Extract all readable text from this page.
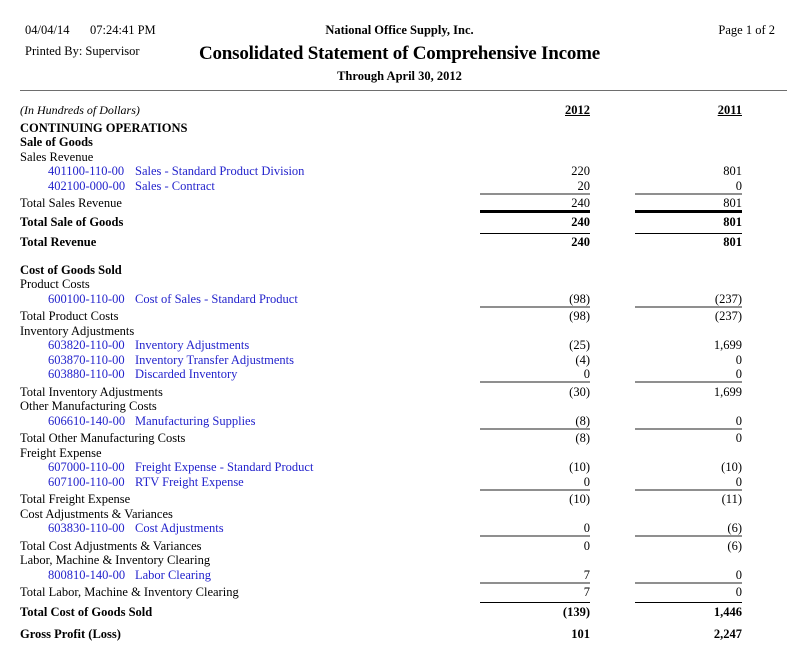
04/04/14 07:24:41 PM	National Office Supply, Inc.	Page 1 of 2
Printed By: Supervisor	Consolidated Statement of Comprehensive Income
Through April 30, 2012
(In Hundreds of Dollars)	2012	2011
CONTINUING OPERATIONS
Sale of Goods
Sales Revenue
401100-110-00 Sales - Standard Product Division	220	801
402100-000-00 Sales - Contract	20	0
Total Sales Revenue	240	801
Total Sale of Goods	240	801
Total Revenue	240	801
Cost of Goods Sold
Product Costs
600100-110-00 Cost of Sales - Standard Product	(98)	(237)
Total Product Costs	(98)	(237)
Inventory Adjustments
603820-110-00 Inventory Adjustments	(25)	1,699
603870-110-00 Inventory Transfer Adjustments	(4)	0
603880-110-00 Discarded Inventory	0	0
Total Inventory Adjustments	(30)	1,699
Other Manufacturing Costs
606610-140-00 Manufacturing Supplies	(8)	0
Total Other Manufacturing Costs	(8)	0
Freight Expense
607000-110-00 Freight Expense - Standard Product	(10)	(10)
607100-110-00 RTV Freight Expense	0	0
Total Freight Expense	(10)	(11)
Cost Adjustments & Variances
603830-110-00 Cost Adjustments	0	(6)
Total Cost Adjustments & Variances	0	(6)
Labor, Machine & Inventory Clearing
800810-140-00 Labor Clearing	7	0
Total Labor, Machine & Inventory Clearing	7	0
Total Cost of Goods Sold	(139)	1,446
Gross Profit (Loss)	101	2,247
